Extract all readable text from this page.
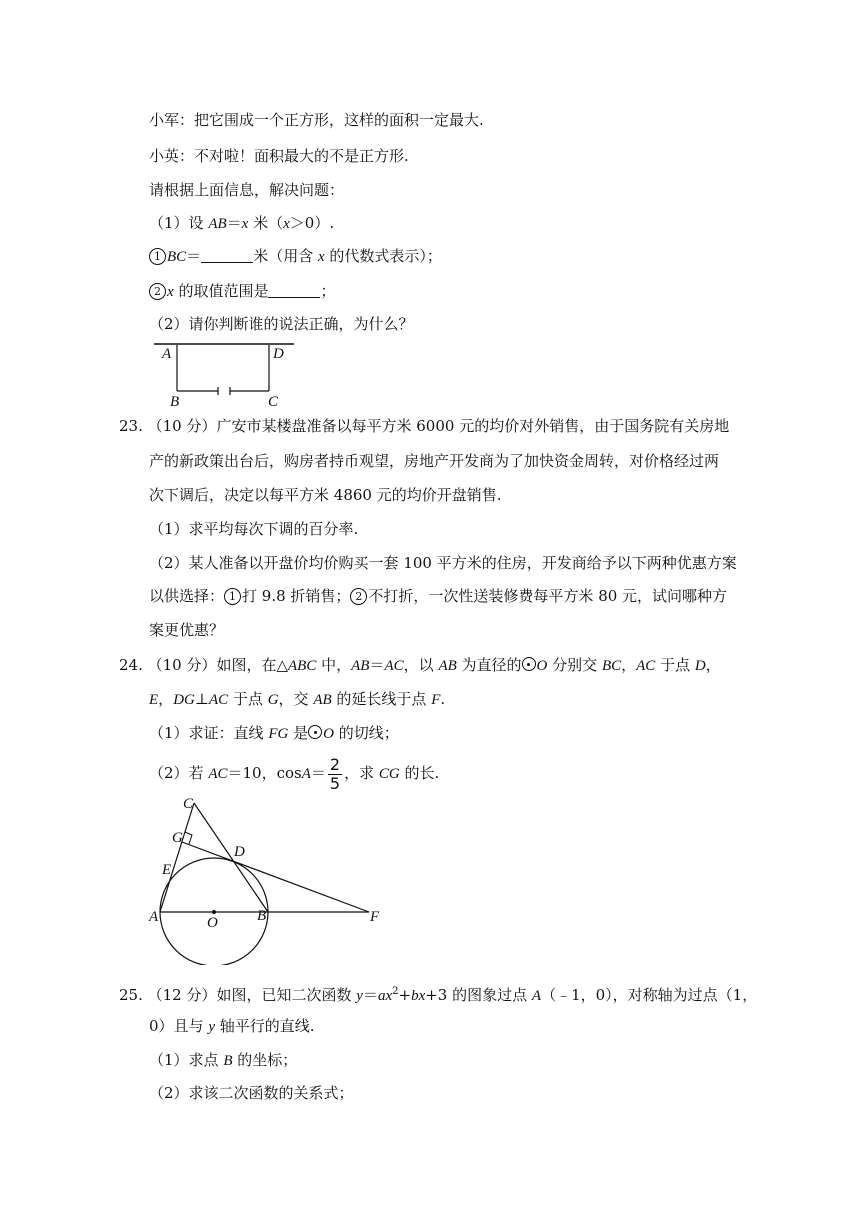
小军：把它围成一个正方形，这样的面积一定最大.
小英：不对啦！面积最大的不是正方形.
请根据上面信息，解决问题：
（1）设 AB＝x 米（x＞0）.
1 BC＝	米（用含 x 的代数式表示）；
2 x 的取值范围是	；
（2）请你判断谁的说法正确，为什么？
A	D
B	C
23. （10 分）广安市某楼盘准备以每平方米 6000 元的均价对外销售，由于国务院有关房地
产的新政策出台后，购房者持币观望，房地产开发商为了加快资金周转，对价格经过两
次下调后，决定以每平方米 4860 元的均价开盘销售.
（1）求平均每次下调的百分率.
（2）某人准备以开盘价均价购买一套 100 平方米的住房，开发商给予以下两种优惠方案
以供选择： 1 打 9.8 折销售； 2 不打折，一次性送装修费每平方米 80 元，试问哪种方
案更优惠？
24. （10 分）如图，在△ABC 中，AB＝AC，以 AB 为直径的 O 分别交 BC，AC 于点 D，
E，DG⊥AC 于点 G，交 AB 的延长线于点 F.
（1）求证：直线 FG 是 O 的切线；
（2）若 AC＝10，$\cos A= \frac{2}{5}$ ，求 CG 的长.
C
G
D
E
A	O	B	F
25. （12 分）如图，已知二次函数 $y=ax^2+bx+3$ 的图象过点 A（﹣1，0），对称轴为过点（1，
0）且与 y 轴平行的直线.
（1）求点 B 的坐标；
（2）求该二次函数的关系式；
